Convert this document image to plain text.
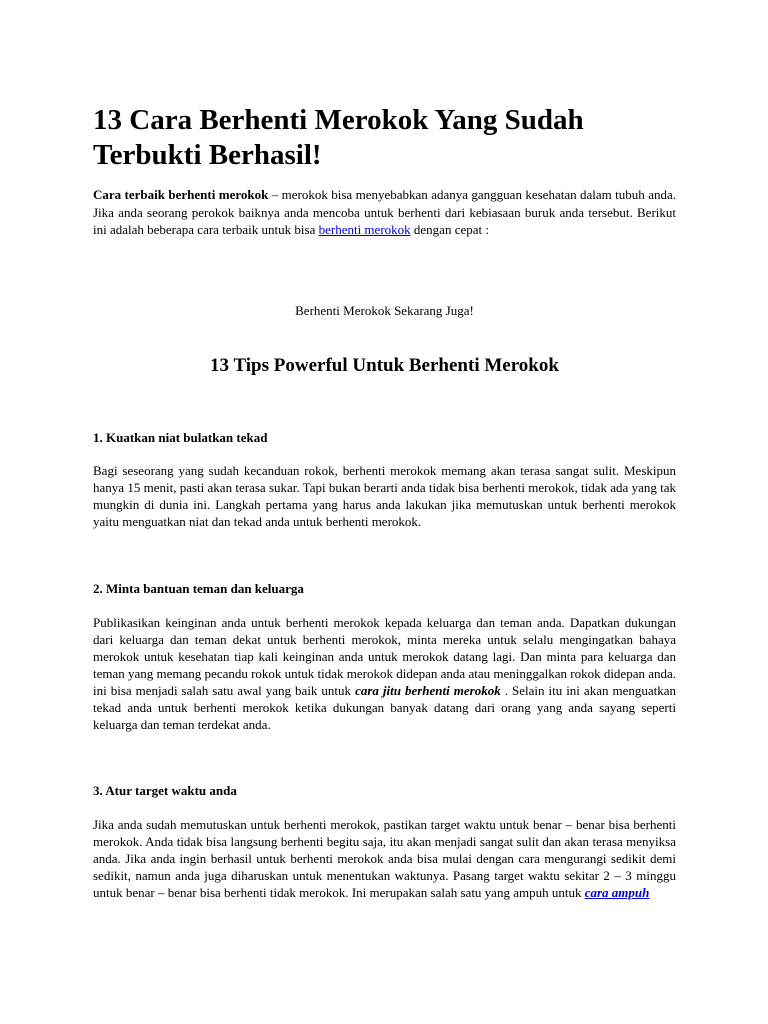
13 Cara Berhenti Merokok Yang Sudah Terbukti Berhasil!

Cara terbaik berhenti merokok – merokok bisa menyebabkan adanya gangguan kesehatan dalam tubuh anda. Jika anda seorang perokok baiknya anda mencoba untuk berhenti dari kebiasaan buruk anda tersebut. Berikut ini adalah beberapa cara terbaik untuk bisa berhenti merokok dengan cepat :

Berhenti Merokok Sekarang Juga!
13 Tips Powerful Untuk Berhenti Merokok
1. Kuatkan niat bulatkan tekad

Bagi seseorang yang sudah kecanduan rokok, berhenti merokok memang akan terasa sangat sulit. Meskipun hanya 15 menit, pasti akan terasa sukar. Tapi bukan berarti anda tidak bisa berhenti merokok, tidak ada yang tak mungkin di dunia ini. Langkah pertama yang harus anda lakukan jika memutuskan untuk berhenti merokok yaitu menguatkan niat dan tekad anda untuk berhenti merokok.

2. Minta bantuan teman dan keluarga

Publikasikan keinginan anda untuk berhenti merokok kepada keluarga dan teman anda. Dapatkan dukungan dari keluarga dan teman dekat untuk berhenti merokok, minta mereka untuk selalu mengingatkan bahaya merokok untuk kesehatan tiap kali keinginan anda untuk merokok datang lagi. Dan minta para keluarga dan teman yang memang pecandu rokok untuk tidak merokok didepan anda atau meninggalkan rokok didepan anda. ini bisa menjadi salah satu awal yang baik untuk cara jitu berhenti merokok . Selain itu ini akan menguatkan tekad anda untuk berhenti merokok ketika dukungan banyak datang dari orang yang anda sayang seperti keluarga dan teman terdekat anda.

3. Atur target waktu anda

Jika anda sudah memutuskan untuk berhenti merokok, pastikan target waktu untuk benar – benar bisa berhenti merokok. Anda tidak bisa langsung berhenti begitu saja, itu akan menjadi sangat sulit dan akan terasa menyiksa anda. Jika anda ingin berhasil untuk berhenti merokok anda bisa mulai dengan cara mengurangi sedikit demi sedikit, namun anda juga diharuskan untuk menentukan waktunya. Pasang target waktu sekitar 2 – 3 minggu untuk benar – benar bisa berhenti tidak merokok. Ini merupakan salah satu yang ampuh untuk cara ampuh
